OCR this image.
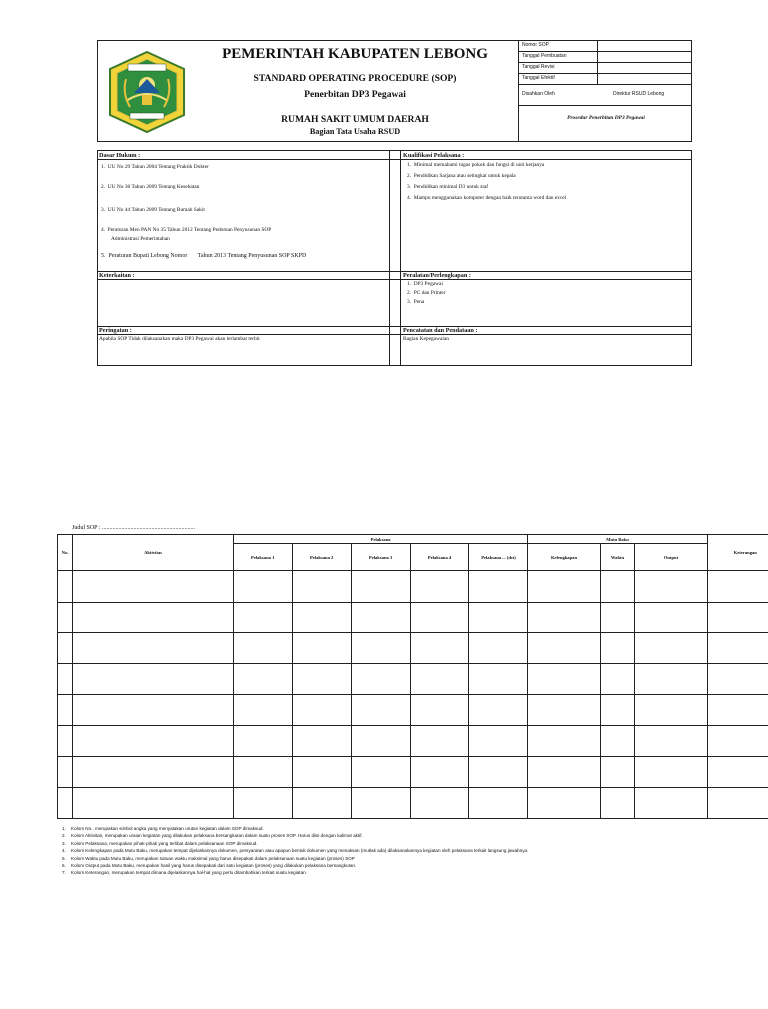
PEMERINTAH KABUPATEN LEBONG
STANDARD OPERATING PROCEDURE (SOP)
Penerbitan DP3 Pegawai
RUMAH SAKIT UMUM DAERAH
Bagian Tata Usaha RSUD
Nomor SOP
Tanggal Pembuatan
Tanggal Revisi
Tanggal Efektif
Disahkan Oleh	Direktur RSUD Lebong
Prosedur Penerbitan DP3 Pegawai
Dasar Hukum :	Kualifikasi Pelaksana :
1. UU No 29 Tahun 2004 Tentang Praktik Dokter
2. UU No 36 Tahun 2009 Tentang Kesehatan
3. UU No 44 Tahun 2009 Tentang Rumah Sakit
4. Peraturan Men PAN No 35 Tahun 2012 Tentang Pedoman Penyusunan SOP
Administrasi Pemerintahan
5. Peraturan Bupati Lebong Nomor       Tahun 2013 Tentang Penyusunan SOP SKPD
1. Minimal memahami tugas pokok dan fungsi di unit kerjanya
2. Pendidikan Sarjana atau setingkat untuk kepala
3. Pendidikan minimal D3 untuk staf
4. Mampu menggunakan komputer dengan baik terutama word dan excel
Keterkaitan :	Peralatan/Perlengkapan :
1. DP3 Pegawai
2. PC dan Printer
3. Pena
Peringatan :	Pencatatan dan Pendataan :
Apabila SOP Tidak dilaksanakan maka DP3 Pegawai akan terlambat terbit	Bagian Kepegawaian
Judul SOP : ..............................................................
No.	Aktivitas	Pelaksana					Mutu Baku			Keterangan
		Pelaksana 1	Pelaksana 2	Pelaksana 3	Pelaksana 4	Pelaksana ... (dst)	Kelengkapan	Waktu	Output	

1. Kolom No., merupakan simbol angka yang menyatakan urutan kegiatan dalam SOP dimaksud.
2. Kolom Aktivitas, merupakan uraian kegiatan yang dilakukan pelaksana bersangkutan dalam suatu proses SOP. Harus diisi dengan kalimat aktif.
3. Kolom Pelaksana, merupakan pihak-pihak yang terlibat dalam pelaksanaan SOP dimaksud.
4. Kolom Kelengkapan pada Mutu Baku, merupakan tempat dijelaskannya dokumen, persyaratan atau apapun bentuk dokumen yang menaksan (mutlak ada) dilaksanakannya kegiatan oleh pelaksana terkait langsung jawabnya.
5. Kolom Waktu pada Mutu Baku, merupakan satuan waktu maksimal yang harus disepakati dalam pelaksanaan suatu kegiatan (proses) SOP
6. Kolom Output pada Mutu Baku, merupakan hasil yang harus disepakati dari satu kegiatan (proses) yang dilakukan pelaksana bersangkutan.
7. Kolom Keterangan, merupakan tempat dimana dijelaskannya hal-hal yang perlu ditambahkan terkait suatu kegiatan.
